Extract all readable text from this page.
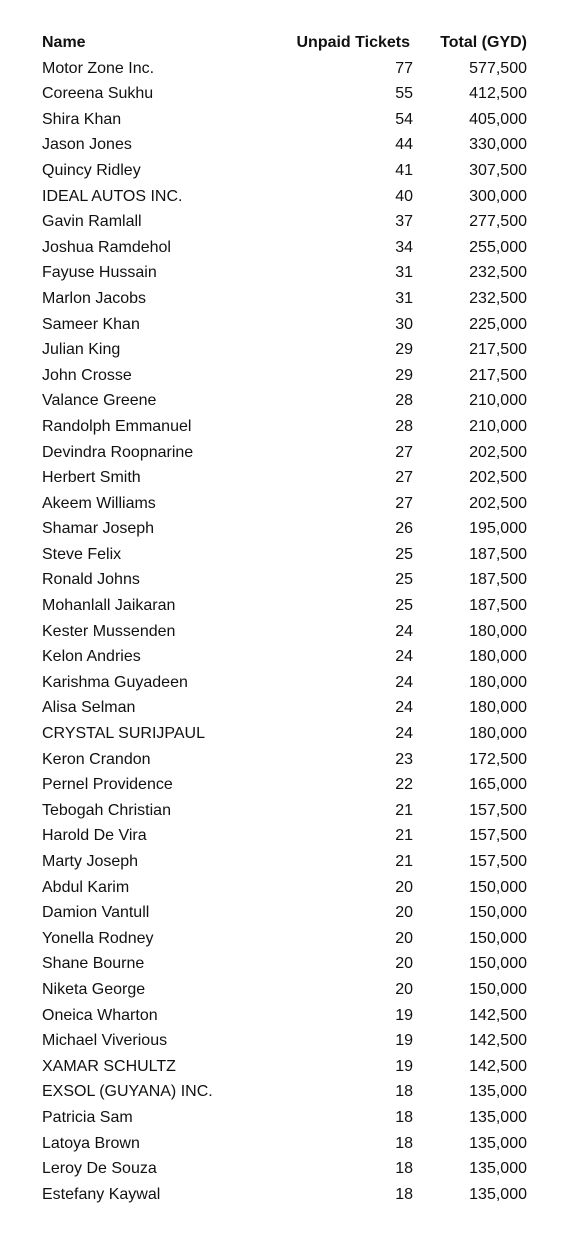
Name	Unpaid Tickets	Total (GYD)
Motor Zone Inc.	77	577,500
Coreena Sukhu	55	412,500
Shira Khan	54	405,000
Jason Jones	44	330,000
Quincy Ridley	41	307,500
IDEAL AUTOS INC.	40	300,000
Gavin Ramlall	37	277,500
Joshua Ramdehol	34	255,000
Fayuse Hussain	31	232,500
Marlon Jacobs	31	232,500
Sameer Khan	30	225,000
Julian King	29	217,500
John Crosse	29	217,500
Valance Greene	28	210,000
Randolph Emmanuel	28	210,000
Devindra Roopnarine	27	202,500
Herbert Smith	27	202,500
Akeem Williams	27	202,500
Shamar Joseph	26	195,000
Steve Felix	25	187,500
Ronald Johns	25	187,500
Mohanlall Jaikaran	25	187,500
Kester Mussenden	24	180,000
Kelon Andries	24	180,000
Karishma Guyadeen	24	180,000
Alisa Selman	24	180,000
CRYSTAL SURIJPAUL	24	180,000
Keron Crandon	23	172,500
Pernel Providence	22	165,000
Tebogah Christian	21	157,500
Harold De Vira	21	157,500
Marty Joseph	21	157,500
Abdul Karim	20	150,000
Damion Vantull	20	150,000
Yonella Rodney	20	150,000
Shane Bourne	20	150,000
Niketa George	20	150,000
Oneica Wharton	19	142,500
Michael Viverious	19	142,500
XAMAR SCHULTZ	19	142,500
EXSOL (GUYANA) INC.	18	135,000
Patricia Sam	18	135,000
Latoya Brown	18	135,000
Leroy De Souza	18	135,000
Estefany Kaywal	18	135,000
